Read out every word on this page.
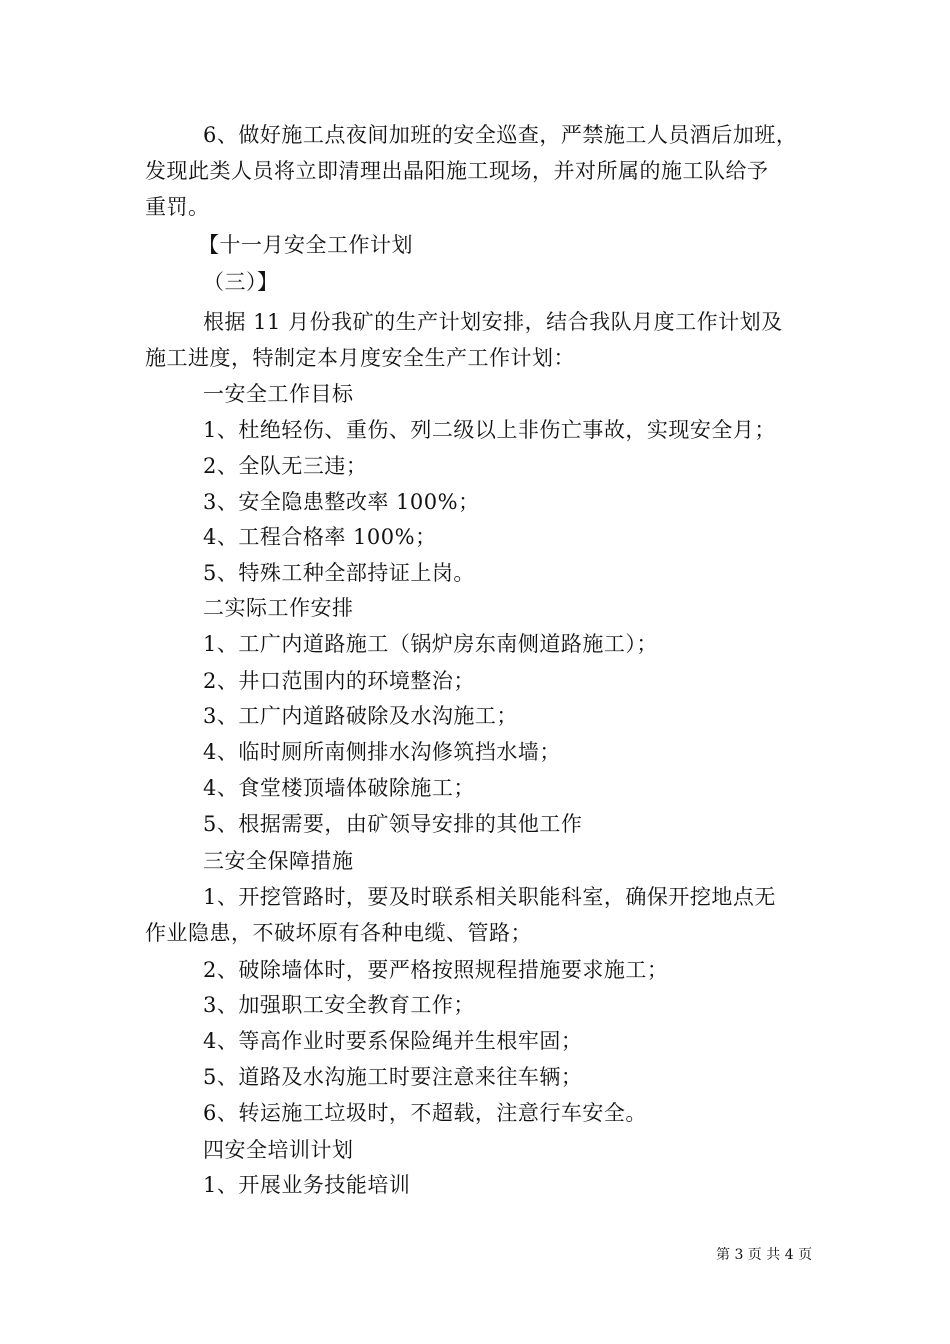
6、做好施工点夜间加班的安全巡查，严禁施工人员酒后加班，
发现此类人员将立即清理出晶阳施工现场，并对所属的施工队给予
重罚。
【十一月安全工作计划
（三）】
根据 11 月份我矿的生产计划安排，结合我队月度工作计划及
施工进度，特制定本月度安全生产工作计划：
一安全工作目标
1、杜绝轻伤、重伤、列二级以上非伤亡事故，实现安全月；
2、全队无三违；
3、安全隐患整改率 100%；
4、工程合格率 100%；
5、特殊工种全部持证上岗。
二实际工作安排
1、工广内道路施工（锅炉房东南侧道路施工）；
2、井口范围内的环境整治；
3、工广内道路破除及水沟施工；
4、临时厕所南侧排水沟修筑挡水墙；
4、食堂楼顶墙体破除施工；
5、根据需要，由矿领导安排的其他工作
三安全保障措施
1、开挖管路时，要及时联系相关职能科室，确保开挖地点无
作业隐患，不破坏原有各种电缆、管路；
2、破除墙体时，要严格按照规程措施要求施工；
3、加强职工安全教育工作；
4、等高作业时要系保险绳并生根牢固；
5、道路及水沟施工时要注意来往车辆；
6、转运施工垃圾时，不超载，注意行车安全。
四安全培训计划
1、开展业务技能培训
第 3 页 共 4 页
